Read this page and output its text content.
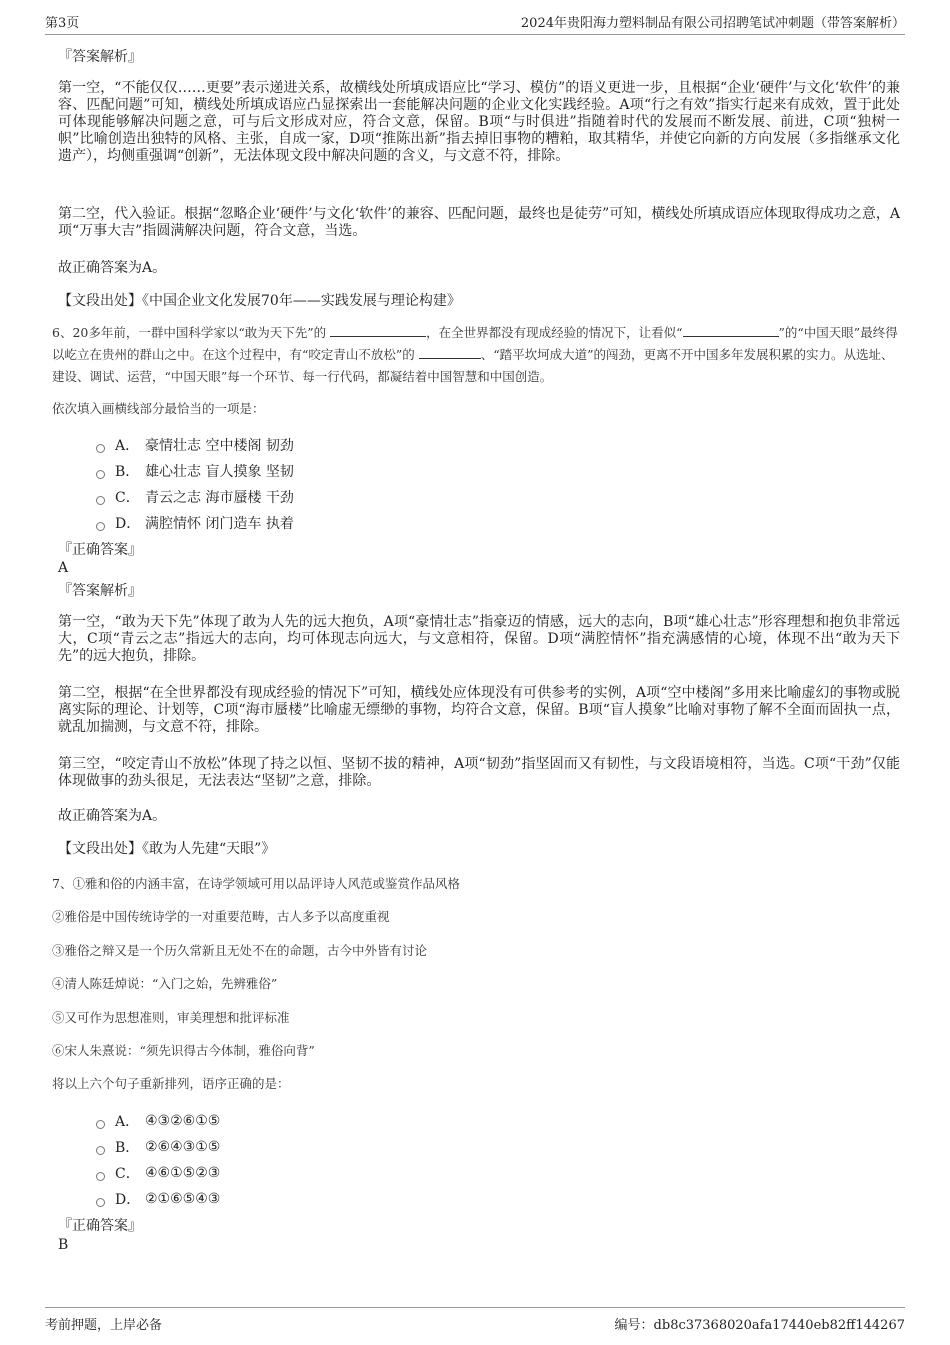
第3页	2024年贵阳海力塑料制品有限公司招聘笔试冲刺题（带答案解析）
『答案解析』
第一空，“不能仅仅……更要”表示递进关系，故横线处所填成语应比“学习、模仿”的语义更进一步，且根据“企业‘硬件’与文化‘软件’的兼容、匹配问题”可知，横线处所填成语应凸显探索出一套能解决问题的企业文化实践经验。A项“行之有效”指实行起来有成效，置于此处可体现能够解决问题之意，可与后文形成对应，符合文意，保留。B项“与时俱进”指随着时代的发展而不断发展、前进，C项“独树一帜”比喻创造出独特的风格、主张，自成一家，D项“推陈出新”指去掉旧事物的糟粕，取其精华，并使它向新的方向发展（多指继承文化遗产），均侧重强调“创新”，无法体现文段中解决问题的含义，与文意不符，排除。
第二空，代入验证。根据“忽略企业‘硬件’与文化‘软件’的兼容、匹配问题，最终也是徒劳”可知，横线处所填成语应体现取得成功之意，A项“万事大吉”指圆满解决问题，符合文意，当选。
故正确答案为A。
【文段出处】《中国企业文化发展70年——实践发展与理论构建》
6、20多年前，一群中国科学家以“敢为天下先”的	，在全世界都没有现成经验的情况下，让看似“	”的“中国天眼”最终得以屹立在贵州的群山之中。在这个过程中，有“咬定青山不放松”的	、“踏平坎坷成大道”的闯劲，更离不开中国多年发展积累的实力。从选址、建设、调试、运营，“中国天眼”每一个环节、每一行代码，都凝结着中国智慧和中国创造。
依次填入画横线部分最恰当的一项是：
A． 豪情壮志 空中楼阁 韧劲
B． 雄心壮志 盲人摸象 坚韧
C． 青云之志 海市蜃楼 干劲
D． 满腔情怀 闭门造车 执着
『正确答案』
A
『答案解析』
第一空，“敢为天下先”体现了敢为人先的远大抱负，A项“豪情壮志”指豪迈的情感，远大的志向，B项“雄心壮志”形容理想和抱负非常远大，C项“青云之志”指远大的志向，均可体现志向远大，与文意相符，保留。D项“满腔情怀”指充满感情的心境，体现不出“敢为天下先”的远大抱负，排除。
第二空，根据“在全世界都没有现成经验的情况下”可知，横线处应体现没有可供参考的实例，A项“空中楼阁”多用来比喻虚幻的事物或脱离实际的理论、计划等，C项“海市蜃楼”比喻虚无缥缈的事物，均符合文意，保留。B项“盲人摸象”比喻对事物了解不全面而固执一点，就乱加揣测，与文意不符，排除。
第三空，“咬定青山不放松”体现了持之以恒、坚韧不拔的精神，A项“韧劲”指坚固而又有韧性，与文段语境相符，当选。C项“干劲”仅能体现做事的劲头很足，无法表达“坚韧”之意，排除。
故正确答案为A。
【文段出处】《敢为人先建“天眼”》
7、①雅和俗的内涵丰富，在诗学领域可用以品评诗人风范或鉴赏作品风格
②雅俗是中国传统诗学的一对重要范畴，古人多予以高度重视
③雅俗之辩又是一个历久常新且无处不在的命题，古今中外皆有讨论
④清人陈廷焯说：“入门之始，先辨雅俗”
⑤又可作为思想准则，审美理想和批评标准
⑥宋人朱熹说：“须先识得古今体制，雅俗向背”
将以上六个句子重新排列，语序正确的是：
A． ④③②⑥①⑤
B． ②⑥④③①⑤
C． ④⑥①⑤②③
D． ②①⑥⑤④③
『正确答案』
B
考前押题，上岸必备	编号：db8c37368020afa17440eb82ff144267
